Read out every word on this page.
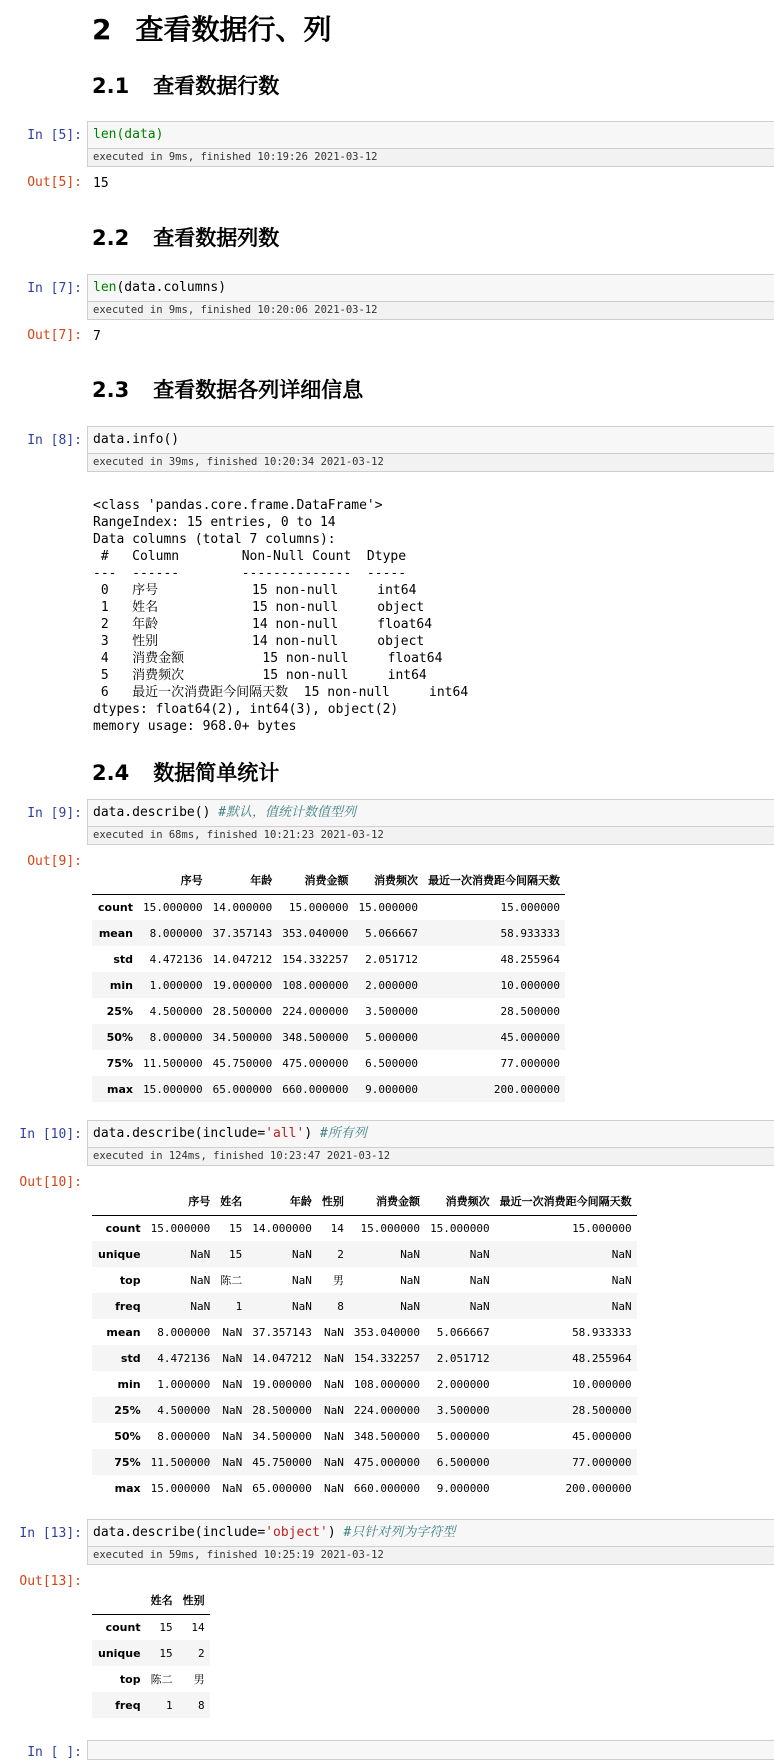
2 查看数据行、列
2.1 查看数据行数
In [5]: len(data)
executed in 9ms, finished 10:19:26 2021-03-12
Out[5]: 15
2.2 查看数据列数
In [7]: len(data.columns)
executed in 9ms, finished 10:20:06 2021-03-12
Out[7]: 7
2.3 查看数据各列详细信息
In [8]: data.info()
executed in 39ms, finished 10:20:34 2021-03-12

<class 'pandas.core.frame.DataFrame'>
RangeIndex: 15 entries, 0 to 14
Data columns (total 7 columns):
#   Column        Non-Null Count  Dtype
---  ------        --------------  -----
0   序号            15 non-null     int64
1   姓名            15 non-null     object
2   年龄            14 non-null     float64
3   性别            14 non-null     object
4   消费金额          15 non-null     float64
5   消费频次          15 non-null     int64
6   最近一次消费距今间隔天数  15 non-null     int64
dtypes: float64(2), int64(3), object(2)
memory usage: 968.0+ bytes

2.4 数据简单统计
In [9]: data.describe() #默认，值统计数值型列
executed in 68ms, finished 10:21:23 2021-03-12
Out[9]:
	序号	年龄	消费金额	消费频次	最近一次消费距今间隔天数
count	15.000000	14.000000	15.000000	15.000000	15.000000
mean	8.000000	37.357143	353.040000	5.066667	58.933333
std	4.472136	14.047212	154.332257	2.051712	48.255964
min	1.000000	19.000000	108.000000	2.000000	10.000000
25%	4.500000	28.500000	224.000000	3.500000	28.500000
50%	8.000000	34.500000	348.500000	5.000000	45.000000
75%	11.500000	45.750000	475.000000	6.500000	77.000000
max	15.000000	65.000000	660.000000	9.000000	200.000000
In [10]: data.describe(include='all') #所有列
executed in 124ms, finished 10:23:47 2021-03-12
Out[10]:
	序号	姓名	年龄	性别	消费金额	消费频次	最近一次消费距今间隔天数
count	15.000000	15	14.000000	14	15.000000	15.000000	15.000000
unique	NaN	15	NaN	2	NaN	NaN	NaN
top	NaN	陈二	NaN	男	NaN	NaN	NaN
freq	NaN	1	NaN	8	NaN	NaN	NaN
mean	8.000000	NaN	37.357143	NaN	353.040000	5.066667	58.933333
std	4.472136	NaN	14.047212	NaN	154.332257	2.051712	48.255964
min	1.000000	NaN	19.000000	NaN	108.000000	2.000000	10.000000
25%	4.500000	NaN	28.500000	NaN	224.000000	3.500000	28.500000
50%	8.000000	NaN	34.500000	NaN	348.500000	5.000000	45.000000
75%	11.500000	NaN	45.750000	NaN	475.000000	6.500000	77.000000
max	15.000000	NaN	65.000000	NaN	660.000000	9.000000	200.000000
In [13]: data.describe(include='object') #只针对列为字符型
executed in 59ms, finished 10:25:19 2021-03-12
Out[13]:
	姓名	性别
count	15	14
unique	15	2
top	陈二	男
freq	1	8
In [ ]:
